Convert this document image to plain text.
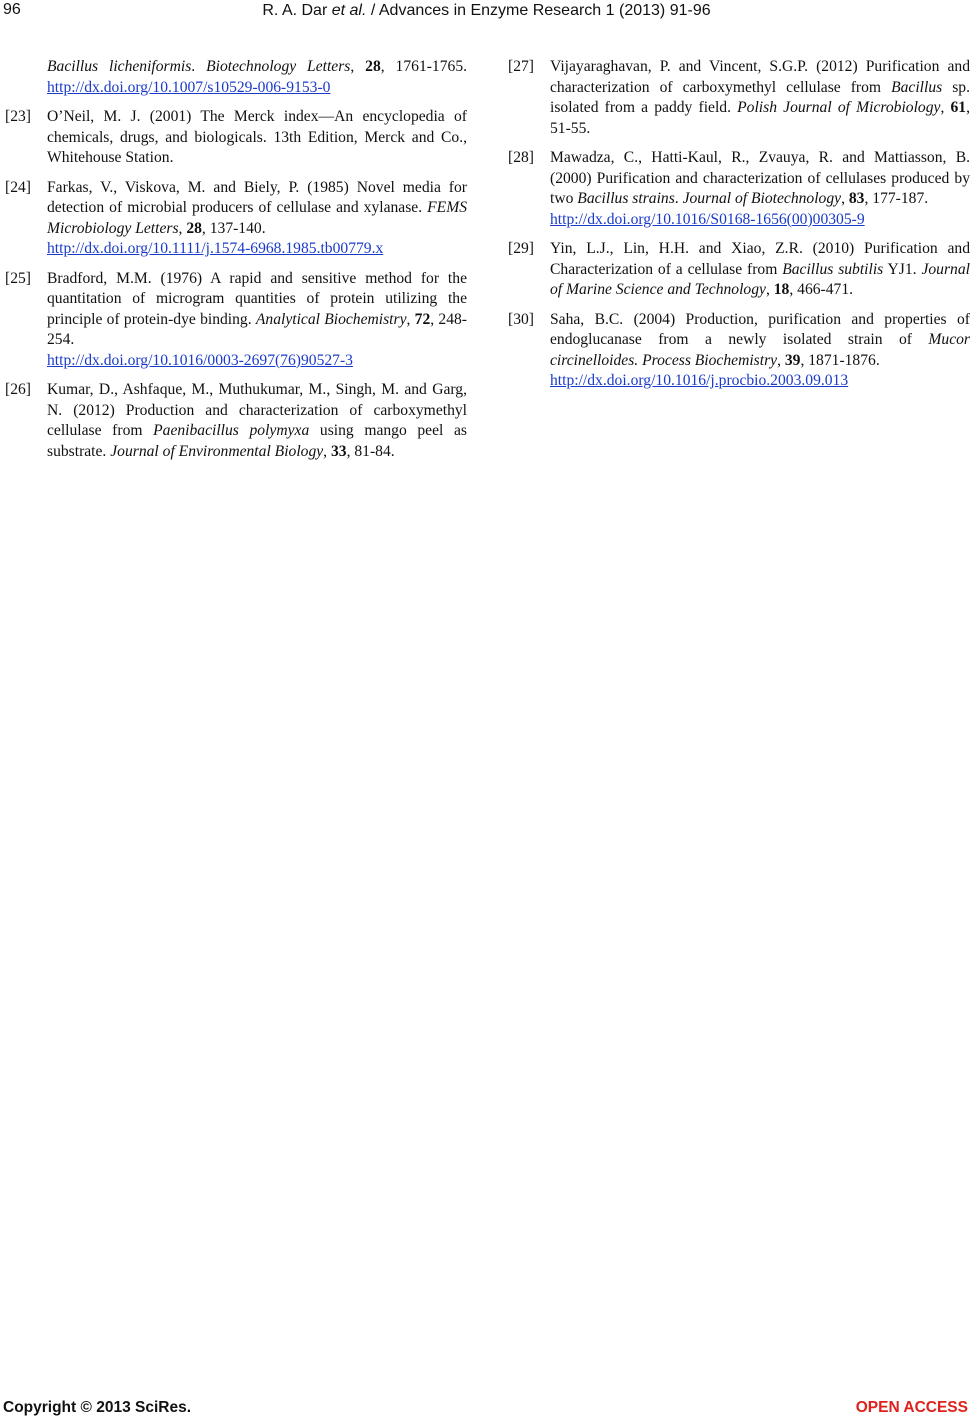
96	R. A. Dar et al. / Advances in Enzyme Research 1 (2013) 91-96
Bacillus licheniformis. Biotechnology Letters, 28, 1761-1765. http://dx.doi.org/10.1007/s10529-006-9153-0
[23]	O’Neil, M. J. (2001) The Merck index—An encyclopedia of chemicals, drugs, and biologicals. 13th Edition, Merck and Co., Whitehouse Station.
[24]	Farkas, V., Viskova, M. and Biely, P. (1985) Novel media for detection of microbial producers of cellulase and xylanase. FEMS Microbiology Letters, 28, 137-140.
http://dx.doi.org/10.1111/j.1574-6968.1985.tb00779.x
[25]	Bradford, M.M. (1976) A rapid and sensitive method for the quantitation of microgram quantities of protein utilizing the principle of protein-dye binding. Analytical Biochemistry, 72, 248-254.
http://dx.doi.org/10.1016/0003-2697(76)90527-3
[26]	Kumar, D., Ashfaque, M., Muthukumar, M., Singh, M. and Garg, N. (2012) Production and characterization of carboxymethyl cellulase from Paenibacillus polymyxa using mango peel as substrate. Journal of Environmental Biology, 33, 81-84.
[27]	Vijayaraghavan, P. and Vincent, S.G.P. (2012) Purification and characterization of carboxymethyl cellulase from Bacillus sp. isolated from a paddy field. Polish Journal of Microbiology, 61, 51-55.
[28]	Mawadza, C., Hatti-Kaul, R., Zvauya, R. and Mattiasson, B. (2000) Purification and characterization of cellulases produced by two Bacillus strains. Journal of Biotechnology, 83, 177-187.
http://dx.doi.org/10.1016/S0168-1656(00)00305-9
[29]	Yin, L.J., Lin, H.H. and Xiao, Z.R. (2010) Purification and Characterization of a cellulase from Bacillus subtilis YJ1. Journal of Marine Science and Technology, 18, 466-471.
[30]	Saha, B.C. (2004) Production, purification and properties of endoglucanase from a newly isolated strain of Mucor circinelloides. Process Biochemistry, 39, 1871-1876.
http://dx.doi.org/10.1016/j.procbio.2003.09.013
Copyright © 2013 SciRes.	OPEN ACCESS
